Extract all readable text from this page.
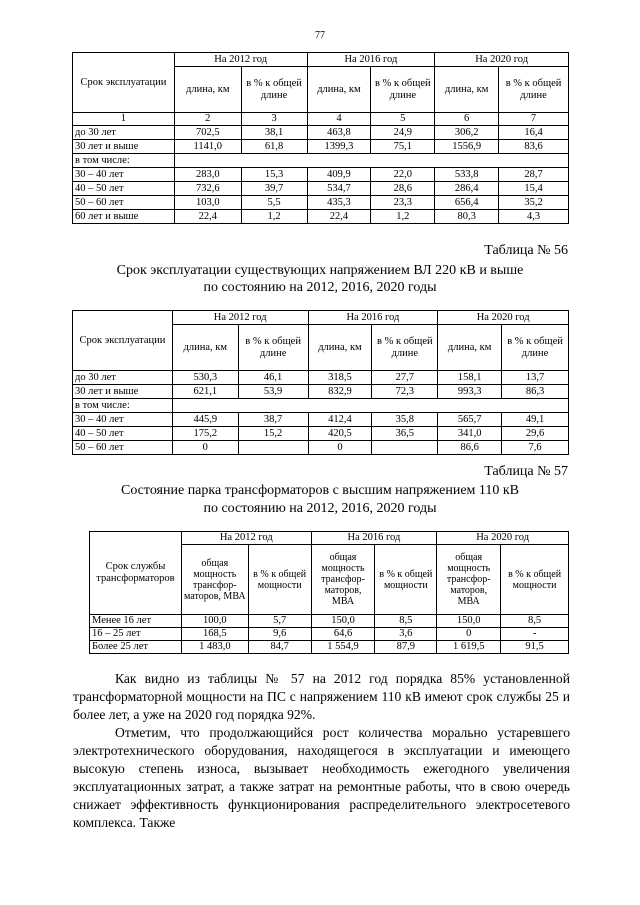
77
Срок эксплуатации	На 2012 год		На 2016 год		На 2020 год	
	длина, км	в % к общей длине	длина, км	в % к общей длине	длина, км	в % к общей длине
1	2	3	4	5	6	7
до 30 лет	702,5	38,1	463,8	24,9	306,2	16,4
30 лет и выше	1141,0	61,8	1399,3	75,1	1556,9	83,6
в том числе:						
30 – 40 лет	283,0	15,3	409,9	22,0	533,8	28,7
40 – 50 лет	732,6	39,7	534,7	28,6	286,4	15,4
50 – 60 лет	103,0	5,5	435,3	23,3	656,4	35,2
60 лет и выше	22,4	1,2	22,4	1,2	80,3	4,3
Таблица № 56
Срок эксплуатации существующих напряжением ВЛ 220 кВ и выше
по состоянию на 2012, 2016, 2020 годы
Срок эксплуатации	На 2012 год		На 2016 год		На 2020 год	
	длина, км	в % к общей длине	длина, км	в % к общей длине	длина, км	в % к общей длине
до 30 лет	530,3	46,1	318,5	27,7	158,1	13,7
30 лет и выше	621,1	53,9	832,9	72,3	993,3	86,3
в том числе:						
30 – 40 лет	445,9	38,7	412,4	35,8	565,7	49,1
40 – 50 лет	175,2	15,2	420,5	36,5	341,0	29,6
50 – 60 лет	0		0		86,6	7,6
Таблица № 57
Состояние парка трансформаторов с высшим напряжением 110 кВ
по состоянию на 2012, 2016, 2020 годы
Срок службы трансформаторов	На 2012 год		На 2016 год		На 2020 год	
	общая мощность трансфор-маторов, МВА	в % к общей мощности	общая мощность трансфор-маторов, МВА	в % к общей мощности	общая мощность трансфор-маторов, МВА	в % к общей мощности
Менее 16 лет	100,0	5,7	150,0	8,5	150,0	8,5
16 – 25 лет	168,5	9,6	64,6	3,6	0	-
Более 25 лет	1 483,0	84,7	1 554,9	87,9	1 619,5	91,5

Как видно из таблицы № 57 на 2012 год порядка 85% установленной трансформаторной мощности на ПС с напряжением 110 кВ имеют срок службы 25 и более лет, а уже на 2020 год порядка 92%.

Отметим, что продолжающийся рост количества морально устаревшего электротехнического оборудования, находящегося в эксплуатации и имеющего высокую степень износа, вызывает необходимость ежегодного увеличения эксплуатационных затрат, а также затрат на ремонтные работы, что в свою очередь снижает эффективность функционирования распределительного электросетевого комплекса. Также
